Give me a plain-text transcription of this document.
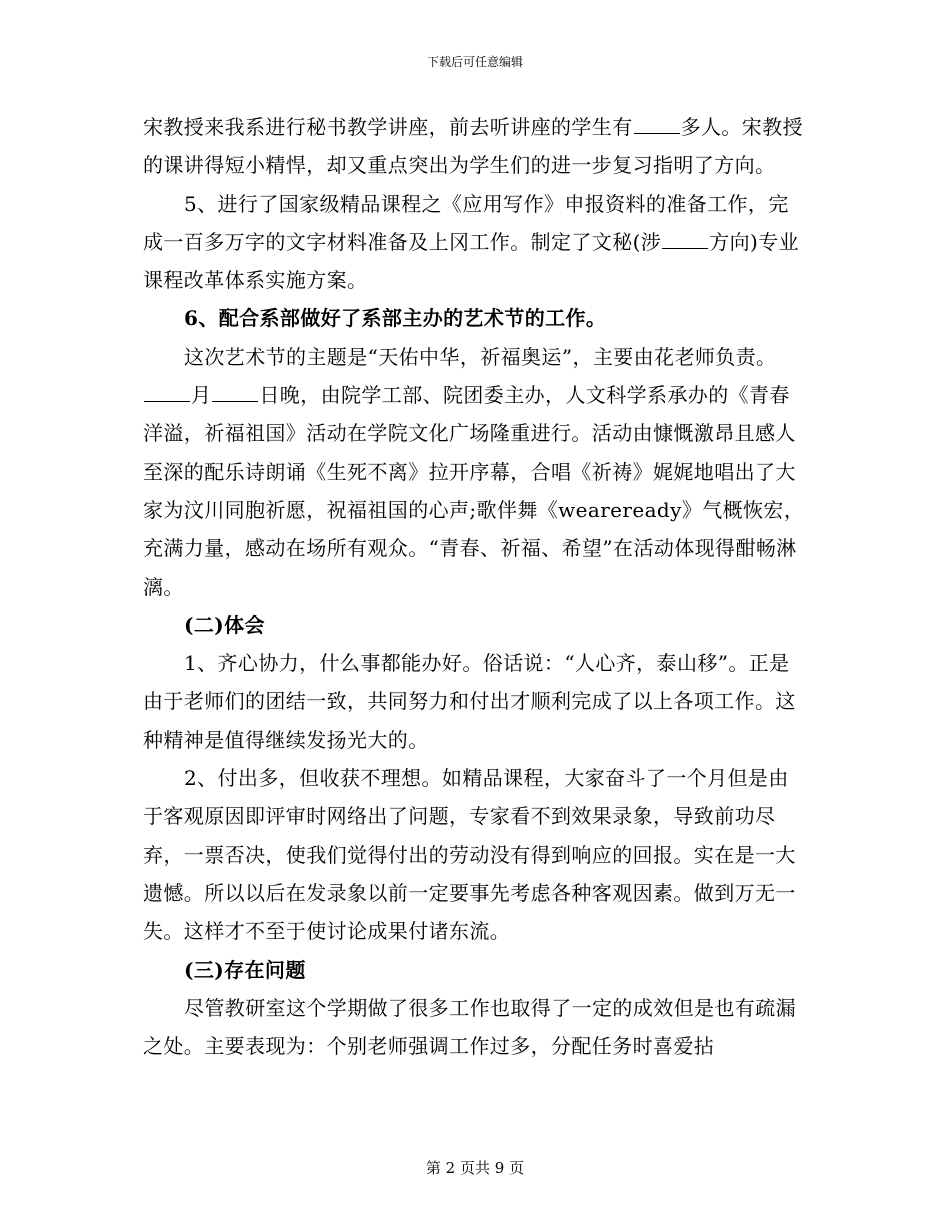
下载后可任意编辑

宋教授来我系进行秘书教学讲座，前去听讲座的学生有 多人。宋教授的课讲得短小精悍，却又重点突出为学生们的进一步复习指明了方向。

5、进行了国家级精品课程之《应用写作》申报资料的准备工作，完成一百多万字的文字材料准备及上冈工作。制定了文秘(涉 方向)专业课程改革体系实施方案。

6、配合系部做好了系部主办的艺术节的工作。

这次艺术节的主题是“天佑中华，祈福奥运”，主要由花老师负责。月 日晚，由院学工部、院团委主办，人文科学系承办的《青春洋溢，祈福祖国》活动在学院文化广场隆重进行。活动由慷慨激昂且感人至深的配乐诗朗诵《生死不离》拉开序幕，合唱《祈祷》娓娓地唱出了大家为汶川同胞祈愿，祝福祖国的心声;歌伴舞《weareready》气概恢宏，充满力量，感动在场所有观众。“青春、祈福、希望”在活动体现得酣畅淋漓。

(二)体会

1、齐心协力，什么事都能办好。俗话说：“人心齐，泰山移”。正是由于老师们的团结一致，共同努力和付出才顺利完成了以上各项工作。这种精神是值得继续发扬光大的。

2、付出多，但收获不理想。如精品课程，大家奋斗了一个月但是由于客观原因即评审时网络出了问题，专家看不到效果录象，导致前功尽弃，一票否决，使我们觉得付出的劳动没有得到响应的回报。实在是一大遗憾。所以以后在发录象以前一定要事先考虑各种客观因素。做到万无一失。这样才不至于使讨论成果付诸东流。

(三)存在问题

尽管教研室这个学期做了很多工作也取得了一定的成效但是也有疏漏之处。主要表现为：个别老师强调工作过多，分配任务时喜爱拈

第 2 页共 9 页
